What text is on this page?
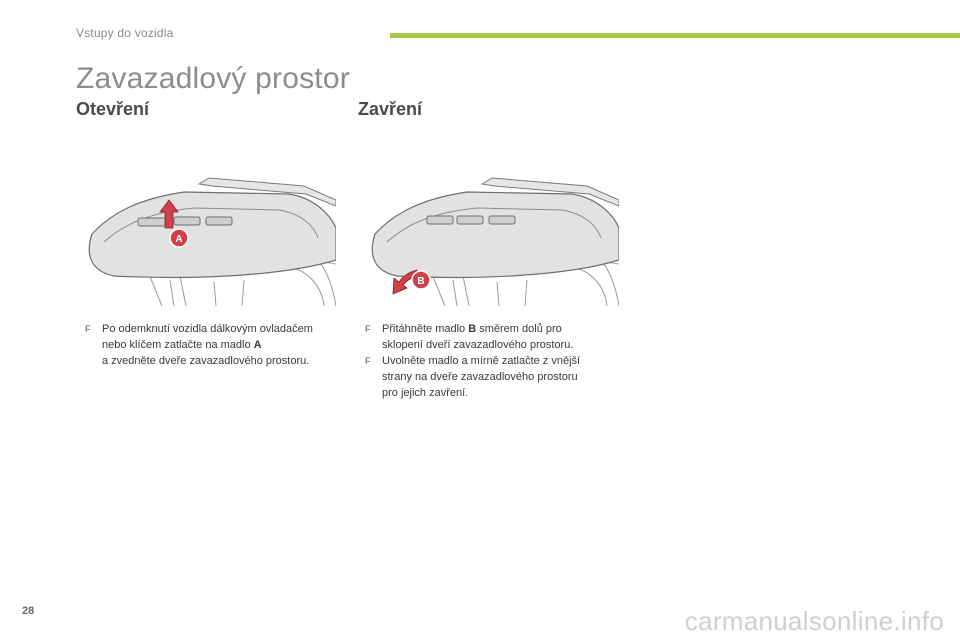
Vstupy do vozidla
Zavazadlový prostor
Otevření	Zavření
A
B
F Po odemknutí vozidla dálkovým ovladačem
nebo klíčem zatlačte na madlo A
a zvedněte dveře zavazadlového prostoru.
F Přitáhněte madlo B směrem dolů pro
sklopení dveří zavazadlového prostoru.
F Uvolněte madlo a mírně zatlačte z vnější
strany na dveře zavazadlového prostoru
pro jejich zavření.
28	carmanualsonline.info
